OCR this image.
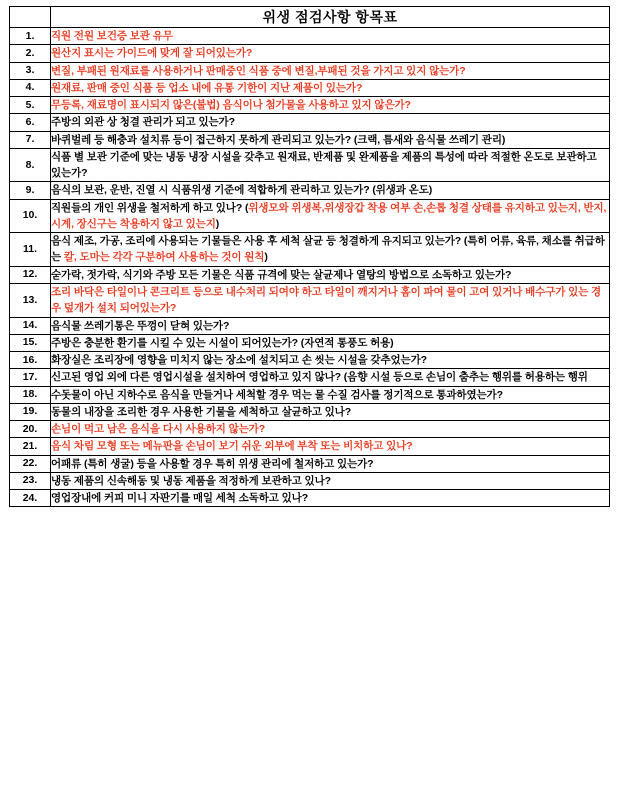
	위생 점검사항 항목표
1.	직원 전원 보건증 보관 유무
2.	원산지 표시는 가이드에 맞게 잘 되어있는가?
3.	변질, 부패된 원재료를 사용하거나 판매중인 식품 중에 변질,부패된 것을 가지고 있지 않는가?
4.	원재료, 판매 중인 식품 등 업소 내에 유통 기한이 지난 제품이 있는가?
5.	무등록, 재료명이 표시되지 않은(불법) 음식이나 첨가물을 사용하고 있지 않은가?
6.	주방의 외관 상 청결 관리가 되고 있는가?
7.	바퀴벌레 등 해충과 설치류 등이 접근하지 못하게 관리되고 있는가? (크랙, 틈새와 음식물 쓰레기 관리)
8.	식품 별 보관 기준에 맞는 냉동 냉장 시설을 갖추고 원재료, 반제품 및 완제품을 제품의 특성에 따라 적절한 온도로 보관하고 있는가?
9.	음식의 보관, 운반, 진열 시 식품위생 기준에 적합하게 관리하고 있는가? (위생과 온도)
10.	직원들의 개인 위생을 철저하게 하고 있나? (위생모와 위생복,위생장갑 착용 여부 손,손톱 청결 상태를 유지하고 있는지, 반지, 시계, 장신구는 착용하지 않고 있는지)
11.	음식 제조, 가공, 조리에 사용되는 기물들은 사용 후 세척 살균 등 청결하게 유지되고 있는가? (특히 어류, 육류, 채소를 취급하는 칼, 도마는 각각 구분하여 사용하는 것이 원칙)
12.	숟가락, 젓가락, 식기와 주방 모든 기물은 식품 규격에 맞는 살균제나 열탕의 방법으로 소독하고 있는가?
13.	조리 바닥은 타일이나 콘크리트 등으로 내수처리 되여야 하고 타일이 깨지거나 홈이 파여 물이 고여 있거나 배수구가 있는 경우 덮개가 설치 되어있는가?
14.	음식물 쓰레기통은 뚜껑이 닫혀 있는가?
15.	주방은 충분한 환기를 시킬 수 있는 시설이 되어있는가? (자연적 통풍도 허용)
16.	화장실은 조리장에 영향을 미치지 않는 장소에 설치되고 손 씻는 시설을 갖추었는가?
17.	신고된 영업 외에 다른 영업시설을 설치하여 영업하고 있지 않나? (음향 시설 등으로 손님이 춤추는 행위를 허용하는 행위
18.	수돗물이 아닌 지하수로 음식을 만들거나 세척할 경우 먹는 물 수질 검사를 정기적으로 통과하였는가?
19.	동물의 내장을 조리한 경우 사용한 기물을 세척하고 살균하고 있나?
20.	손님이 먹고 남은 음식을 다시 사용하지 않는가?
21.	음식 차림 모형 또는 메뉴판을 손님이 보기 쉬운 외부에 부착 또는 비치하고 있나?
22.	어패류 (특히 생굴) 등을 사용할 경우 특히 위생 관리에 철저하고 있는가?
23.	냉동 제품의 신속해동 및 냉동 제품을 적정하게 보관하고 있나?
24.	영업장내에 커피 미니 자판기를 매일 세척 소독하고 있나?
